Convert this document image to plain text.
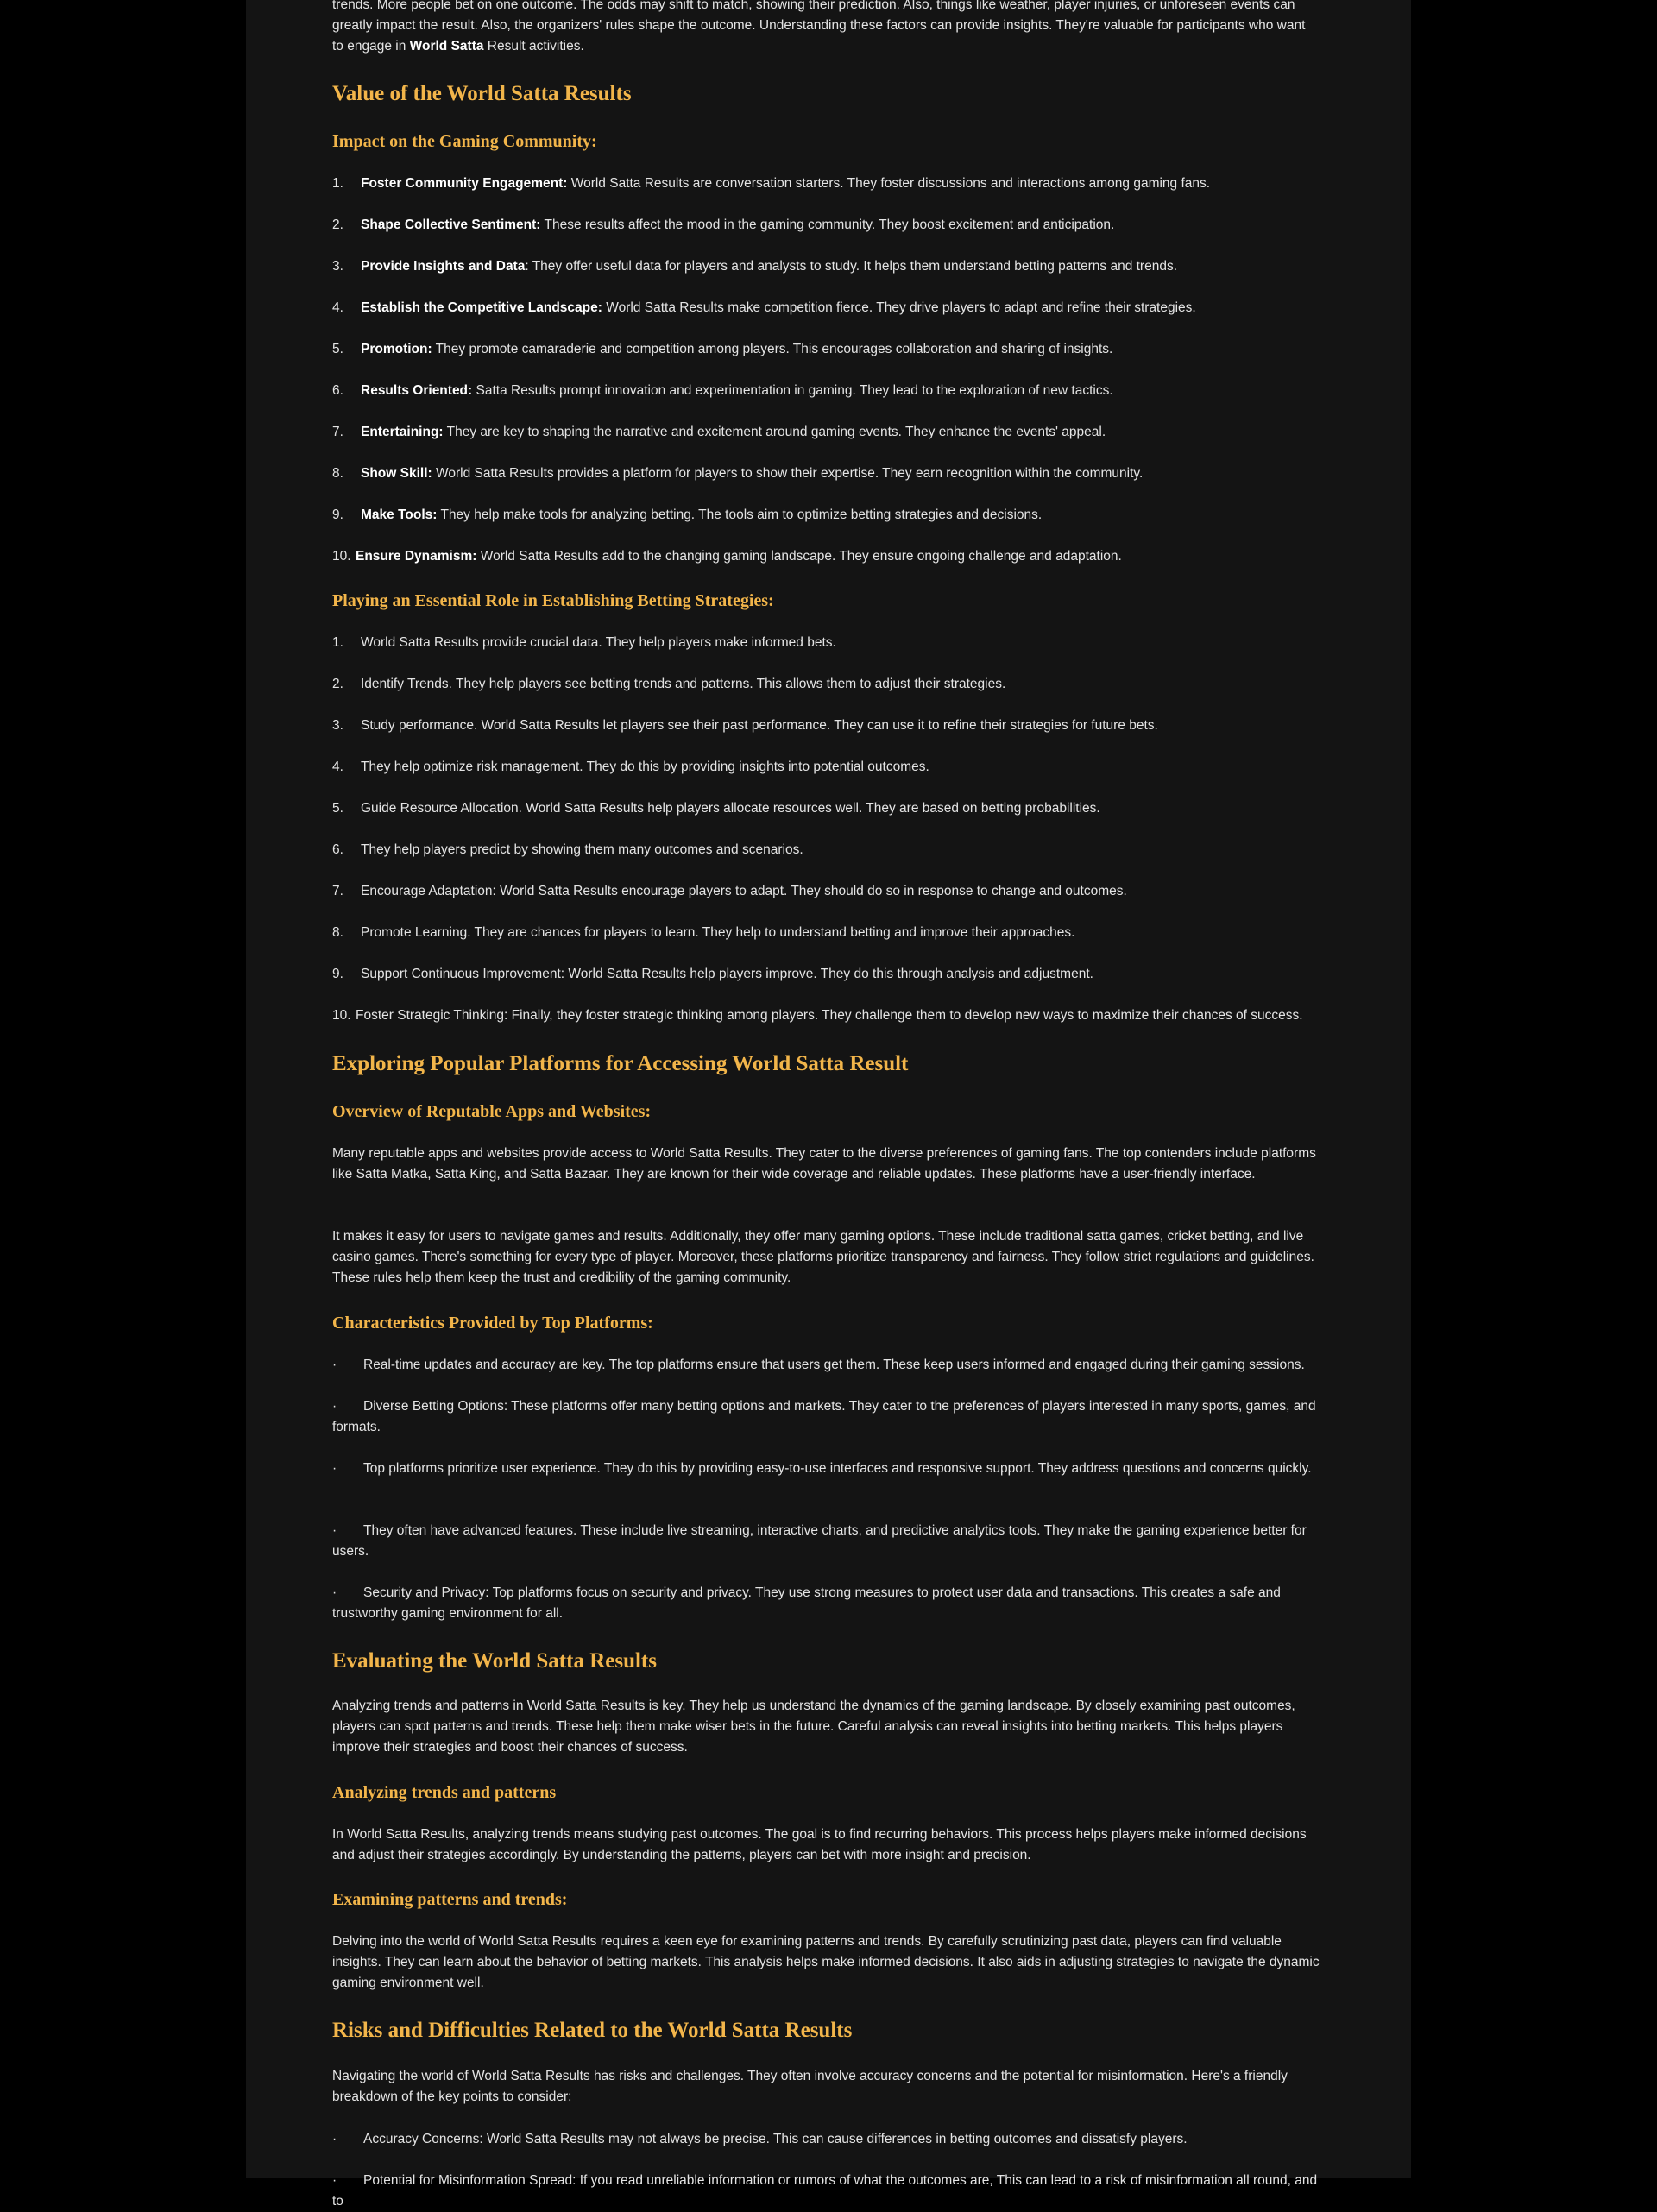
trends. More people bet on one outcome. The odds may shift to match, showing their prediction. Also, things like weather, player injuries, or unforeseen events can

greatly impact the result. Also, the organizers' rules shape the outcome. Understanding these factors can provide insights. They're valuable for participants who want

to engage in World Satta Result activities.

Value of the World Satta Results
Impact on the Gaming Community:
1. Foster Community Engagement: World Satta Results are conversation starters. They foster discussions and interactions among gaming fans.
2. Shape Collective Sentiment: These results affect the mood in the gaming community. They boost excitement and anticipation.
3. Provide Insights and Data: They offer useful data for players and analysts to study. It helps them understand betting patterns and trends.
4. Establish the Competitive Landscape: World Satta Results make competition fierce. They drive players to adapt and refine their strategies.
5. Promotion: They promote camaraderie and competition among players. This encourages collaboration and sharing of insights.
6. Results Oriented: Satta Results prompt innovation and experimentation in gaming. They lead to the exploration of new tactics.
7. Entertaining: They are key to shaping the narrative and excitement around gaming events. They enhance the events' appeal.
8. Show Skill: World Satta Results provides a platform for players to show their expertise. They earn recognition within the community.
9. Make Tools: They help make tools for analyzing betting. The tools aim to optimize betting strategies and decisions.
10. Ensure Dynamism: World Satta Results add to the changing gaming landscape. They ensure ongoing challenge and adaptation.
Playing an Essential Role in Establishing Betting Strategies:
1. World Satta Results provide crucial data. They help players make informed bets.
2. Identify Trends. They help players see betting trends and patterns. This allows them to adjust their strategies.
3. Study performance. World Satta Results let players see their past performance. They can use it to refine their strategies for future bets.
4. They help optimize risk management. They do this by providing insights into potential outcomes.
5. Guide Resource Allocation. World Satta Results help players allocate resources well. They are based on betting probabilities.
6. They help players predict by showing them many outcomes and scenarios.
7. Encourage Adaptation: World Satta Results encourage players to adapt. They should do so in response to change and outcomes.
8. Promote Learning. They are chances for players to learn. They help to understand betting and improve their approaches.
9. Support Continuous Improvement: World Satta Results help players improve. They do this through analysis and adjustment.
10. Foster Strategic Thinking: Finally, they foster strategic thinking among players. They challenge them to develop new ways to maximize their chances of success.
Exploring Popular Platforms for Accessing World Satta Result
Overview of Reputable Apps and Websites:

Many reputable apps and websites provide access to World Satta Results. They cater to the diverse preferences of gaming fans. The top contenders include platforms like Satta Matka, Satta King, and Satta Bazaar. They are known for their wide coverage and reliable updates. These platforms have a user-friendly interface.

It makes it easy for users to navigate games and results. Additionally, they offer many gaming options. These include traditional satta games, cricket betting, and live casino games. There's something for every type of player. Moreover, these platforms prioritize transparency and fairness. They follow strict regulations and guidelines. These rules help them keep the trust and credibility of the gaming community.

Characteristics Provided by Top Platforms:
· Real-time updates and accuracy are key. The top platforms ensure that users get them. These keep users informed and engaged during their gaming sessions.
· Diverse Betting Options: These platforms offer many betting options and markets. They cater to the preferences of players interested in many sports, games, and formats.
· Top platforms prioritize user experience. They do this by providing easy-to-use interfaces and responsive support. They address questions and concerns quickly.
· They often have advanced features. These include live streaming, interactive charts, and predictive analytics tools. They make the gaming experience better for users.
· Security and Privacy: Top platforms focus on security and privacy. They use strong measures to protect user data and transactions. This creates a safe and trustworthy gaming environment for all.
Evaluating the World Satta Results

Analyzing trends and patterns in World Satta Results is key. They help us understand the dynamics of the gaming landscape. By closely examining past outcomes, players can spot patterns and trends. These help them make wiser bets in the future. Careful analysis can reveal insights into betting markets. This helps players improve their strategies and boost their chances of success.

Analyzing trends and patterns

In World Satta Results, analyzing trends means studying past outcomes. The goal is to find recurring behaviors. This process helps players make informed decisions and adjust their strategies accordingly. By understanding the patterns, players can bet with more insight and precision.

Examining patterns and trends:

Delving into the world of World Satta Results requires a keen eye for examining patterns and trends. By carefully scrutinizing past data, players can find valuable insights. They can learn about the behavior of betting markets. This analysis helps make informed decisions. It also aids in adjusting strategies to navigate the dynamic gaming environment well.

Risks and Difficulties Related to the World Satta Results

Navigating the world of World Satta Results has risks and challenges. They often involve accuracy concerns and the potential for misinformation. Here's a friendly breakdown of the key points to consider:

· Accuracy Concerns: World Satta Results may not always be precise. This can cause differences in betting outcomes and dissatisfy players.
· Potential for Misinformation Spread: If you read unreliable information or rumors of what the outcomes are, This can lead to a risk of misinformation all round, and to
